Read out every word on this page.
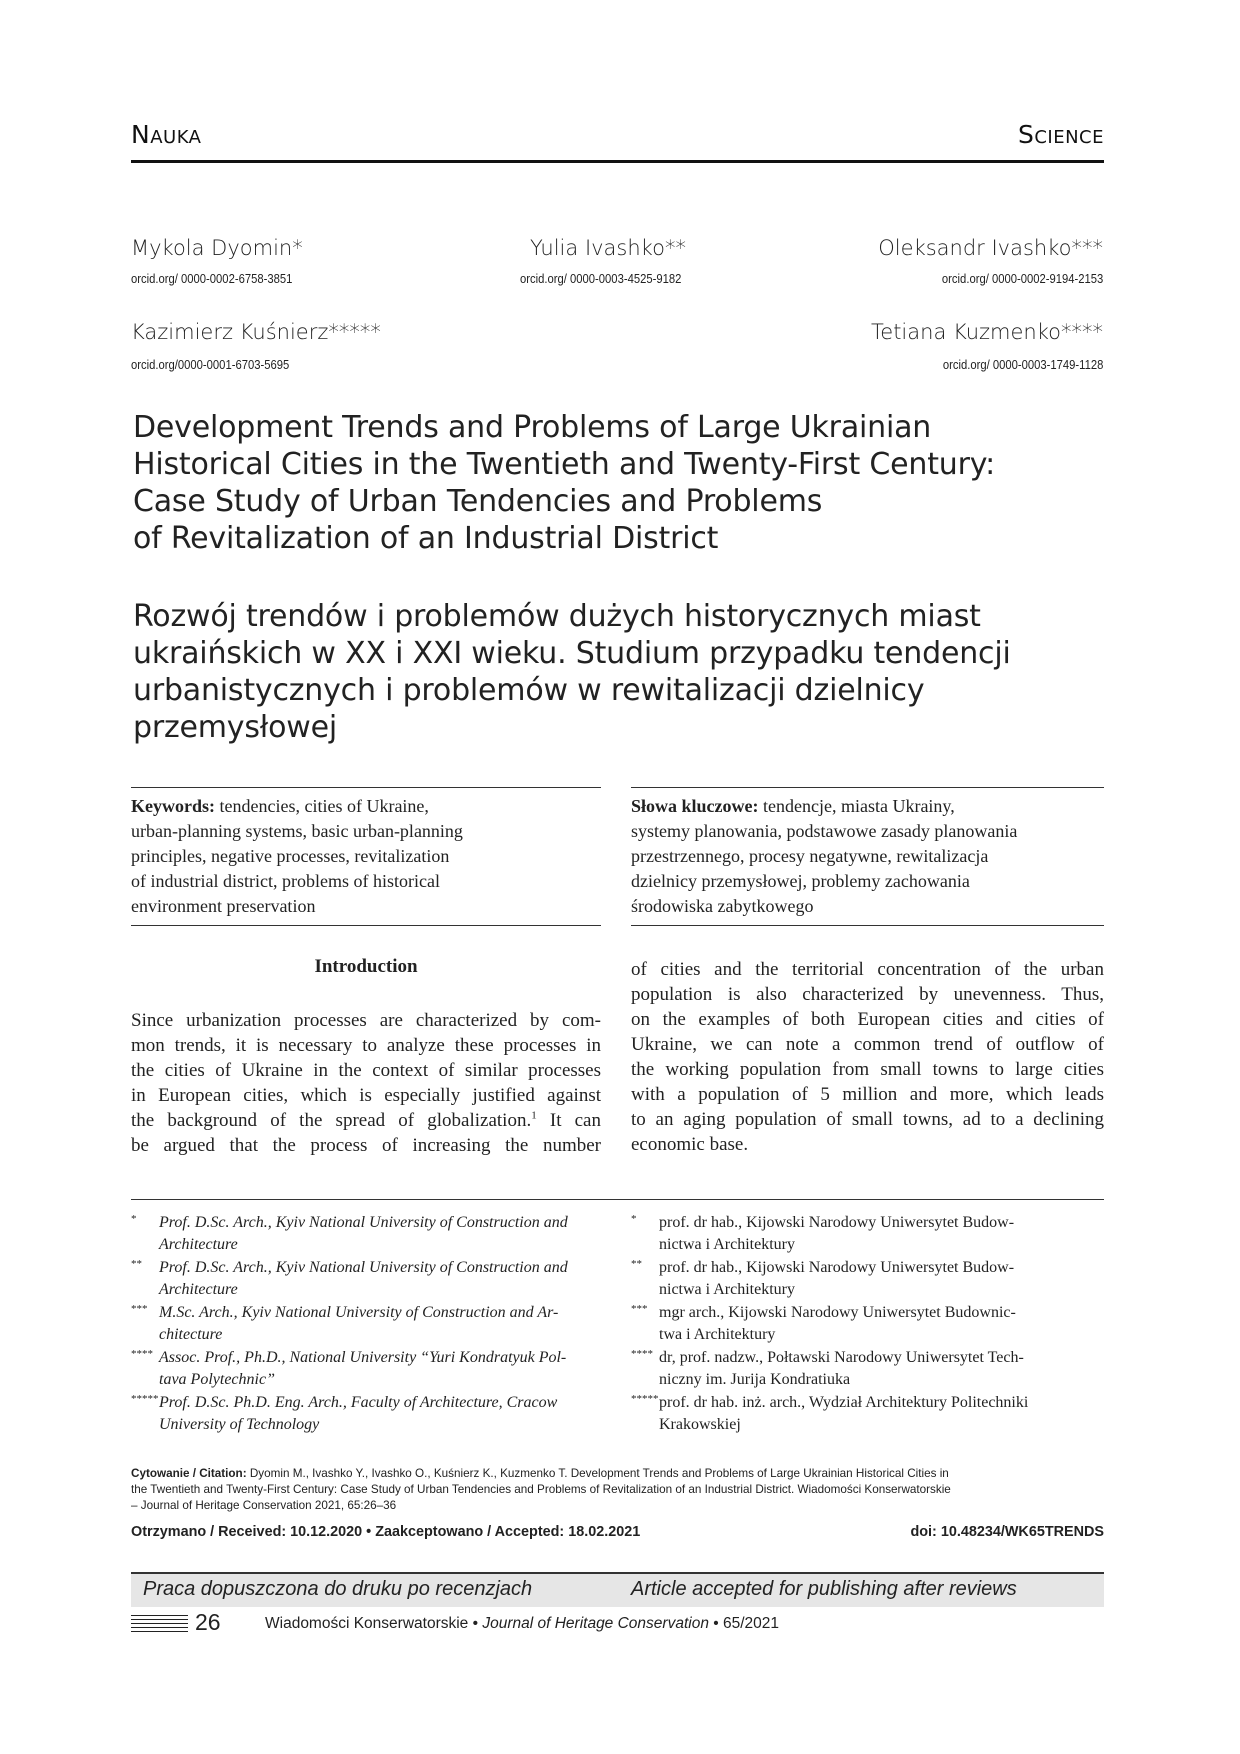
Nauka	Science
Mykola Dyomin*
orcid.org/ 0000-0002-6758-3851
Yulia Ivashko**
orcid.org/ 0000-0003-4525-9182
Oleksandr Ivashko***
orcid.org/ 0000-0002-9194-2153
Kazimierz Kuśnierz*****
orcid.org/0000-0001-6703-5695
Tetiana Kuzmenko****
orcid.org/ 0000-0003-1749-1128
Development Trends and Problems of Large Ukrainian
Historical Cities in the Twentieth and Twenty-First Century:
Case Study of Urban Tendencies and Problems
of Revitalization of an Industrial District
Rozwój trendów i problemów dużych historycznych miast
ukraińskich w XX i XXI wieku. Studium przypadku tendencji
urbanistycznych i problemów w rewitalizacji dzielnicy
przemysłowej
Keywords: tendencies, cities of Ukraine,
urban-planning systems, basic urban-planning
principles, negative processes, revitalization
of industrial district, problems of historical
environment preservation
Słowa kluczowe: tendencje, miasta Ukrainy,
systemy planowania, podstawowe zasady planowania
przestrzennego, procesy negatywne, rewitalizacja
dzielnicy przemysłowej, problemy zachowania
środowiska zabytkowego
Introduction
Since urbanization processes are characterized by com-
mon trends, it is necessary to analyze these processes in
the cities of Ukraine in the context of similar processes
in European cities, which is especially justified against
the background of the spread of globalization.$^1$ It can
be argued that the process of increasing the number
of cities and the territorial concentration of the urban
population is also characterized by unevenness. Thus,
on the examples of both European cities and cities of
Ukraine, we can note a common trend of outflow of
the working population from small towns to large cities
with a population of 5 million and more, which leads
to an aging population of small towns, ad to a declining
economic base.
* Prof. D.Sc. Arch., Kyiv National University of Construction and
Architecture
** Prof. D.Sc. Arch., Kyiv National University of Construction and
Architecture
*** M.Sc. Arch., Kyiv National University of Construction and Ar-
chitecture
**** Assoc. Prof., Ph.D., National University “Yuri Kondratyuk Pol-
tava Polytechnic”
***** Prof. D.Sc. Ph.D. Eng. Arch., Faculty of Architecture, Cracow
University of Technology
* prof. dr hab., Kijowski Narodowy Uniwersytet Budow-
nictwa i Architektury
** prof. dr hab., Kijowski Narodowy Uniwersytet Budow-
nictwa i Architektury
*** mgr arch., Kijowski Narodowy Uniwersytet Budownic-
twa i Architektury
**** dr, prof. nadzw., Połtawski Narodowy Uniwersytet Tech-
niczny im. Jurija Kondratiuka
***** prof. dr hab. inż. arch., Wydział Architektury Politechniki
Krakowskiej
Cytowanie / Citation: Dyomin M., Ivashko Y., Ivashko O., Kuśnierz K., Kuzmenko T. Development Trends and Problems of Large Ukrainian Historical Cities in
the Twentieth and Twenty-First Century: Case Study of Urban Tendencies and Problems of Revitalization of an Industrial District. Wiadomości Konserwatorskie
– Journal of Heritage Conservation 2021, 65:26–36
Otrzymano / Received: 10.12.2020 • Zaakceptowano / Accepted: 18.02.2021	doi: 10.48234/WK65TRENDS
Praca dopuszczona do druku po recenzjach	Article accepted for publishing after reviews
26	Wiadomości Konserwatorskie • Journal of Heritage Conservation • 65/2021
